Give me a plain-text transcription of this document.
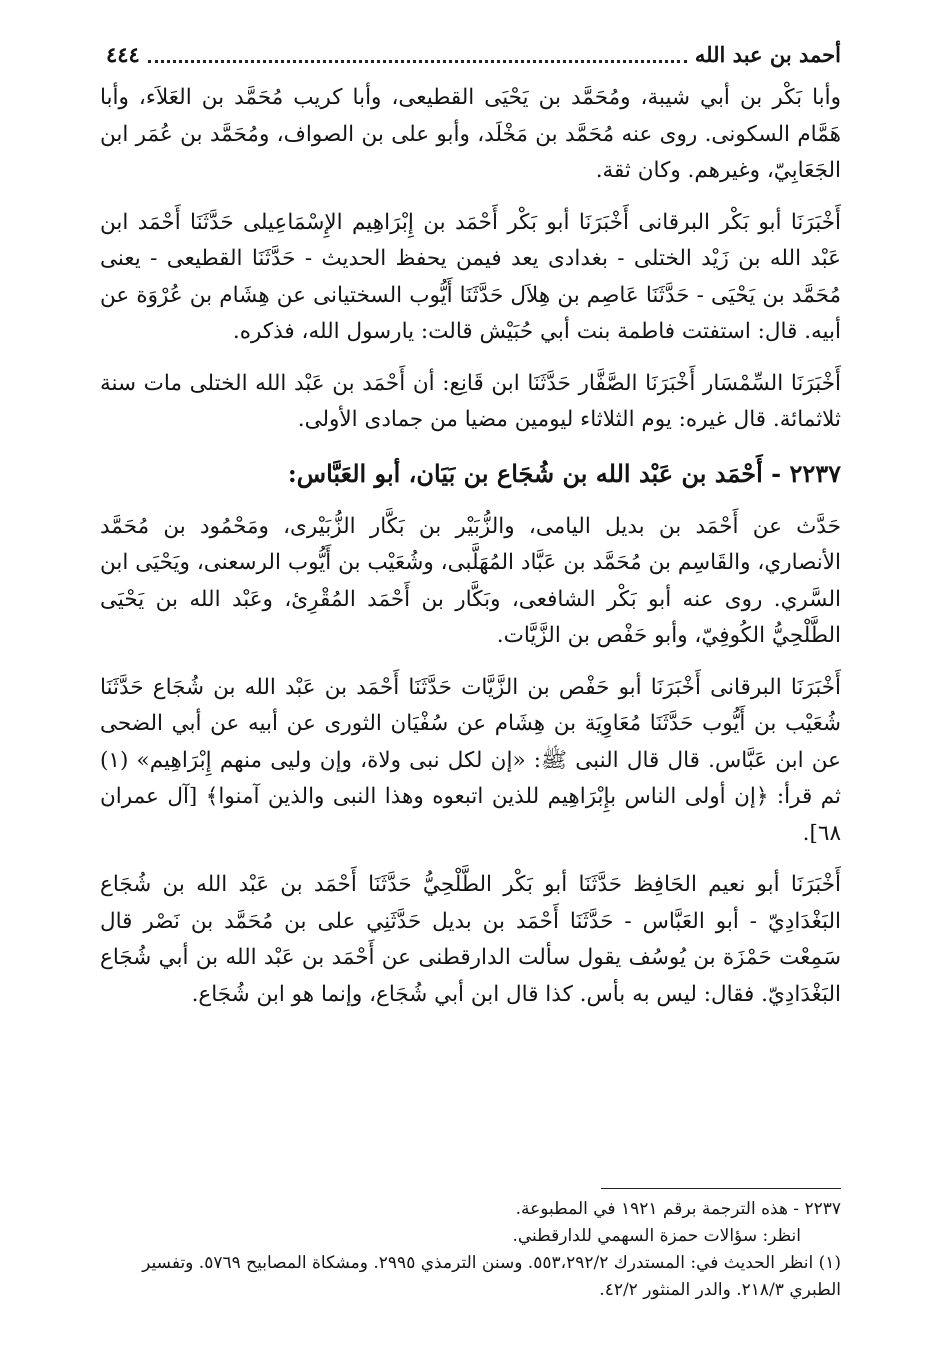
٤٤٤	أحمد بن عبد الله

وأبا بَكْر بن أبي شيبة، ومُحَمَّد بن يَحْيَى القطيعى، وأبا كريب مُحَمَّد بن العَلاَء، وأبا هَمَّام السكونى. روى عنه مُحَمَّد بن مَخْلَد، وأبو على بن الصواف، ومُحَمَّد بن عُمَر ابن الجَعَابِيّ، وغيرهم. وكان ثقة.

أَخْبَرَنَا أبو بَكْر البرقانى أَخْبَرَنَا أبو بَكْر أَحْمَد بن إِبْرَاهِيم الإِسْمَاعِيلى حَدَّثَنَا أَحْمَد ابن عَبْد الله بن زَيْد الختلى - بغدادى يعد فيمن يحفظ الحديث - حَدَّثَنَا القطيعى - يعنى مُحَمَّد بن يَحْيَى - حَدَّثَنَا عَاصِم بن هِلاَل حَدَّثَنَا أَيُّوب السختيانى عن هِشَام بن عُرْوَة عن أبيه. قال: استفتت فاطمة بنت أبي حُبَيْش قالت: يارسول الله، فذكره.

أَخْبَرَنَا السِّمْسَار أَخْبَرَنَا الصَّفَّار حَدَّثَنَا ابن قَانِع: أن أَحْمَد بن عَبْد الله الختلى مات سنة ثلاثمائة. قال غيره: يوم الثلاثاء ليومين مضيا من جمادى الأولى.

٢٢٣٧ - أَحْمَد بن عَبْد الله بن شُجَاع بن بَيَان، أبو العَبَّاس:

حَدَّث عن أَحْمَد بن بديل اليامى، والزُّبَيْر بن بَكَّار الزُّبَيْرى، ومَحْمُود بن مُحَمَّد الأنصاري، والقَاسِم بن مُحَمَّد بن عَبَّاد المُهَلَّبى، وشُعَيْب بن أَيُّوب الرسعنى، ويَحْيَى ابن السَّري. روى عنه أبو بَكْر الشافعى، وبَكَّار بن أَحْمَد المُقْرِئ، وعَبْد الله بن يَحْيَى الطَّلْحِيُّ الكُوفِيّ، وأبو حَفْص بن الزَّيَّات.

أَخْبَرَنَا البرقانى أَخْبَرَنَا أبو حَفْص بن الزَّيَّات حَدَّثَنَا أَحْمَد بن عَبْد الله بن شُجَاع حَدَّثَنَا شُعَيْب بن أَيُّوب حَدَّثَنَا مُعَاوِيَة بن هِشَام عن سُفْيَان الثورى عن أبيه عن أبي الضحى عن ابن عَبَّاس. قال قال النبى ﷺ: «إن لكل نبى ولاة، وإن وليى منهم إِبْرَاهِيم» (١) ثم قرأ: ﴿إن أولى الناس بإِبْرَاهِيم للذين اتبعوه وهذا النبى والذين آمنوا﴾ [آل عمران ٦٨].

أَخْبَرَنَا أبو نعيم الحَافِظ حَدَّثَنَا أبو بَكْر الطَّلْحِيُّ حَدَّثَنَا أَحْمَد بن عَبْد الله بن شُجَاع البَغْدَادِيّ - أبو العَبَّاس - حَدَّثَنَا أَحْمَد بن بديل حَدَّثَنِي على بن مُحَمَّد بن نَصْر قال سَمِعْت حَمْزَة بن يُوسُف يقول سألت الدارقطنى عن أَحْمَد بن عَبْد الله بن أبي شُجَاع البَغْدَادِيّ. فقال: ليس به بأس. كذا قال ابن أبي شُجَاع، وإنما هو ابن شُجَاع.

٢٢٣٧ - هذه الترجمة برقم ١٩٢١ في المطبوعة.

انظر: سؤالات حمزة السهمي للدارقطني.

(١) انظر الحديث في: المستدرك ٥٥٣،٢٩٢/٢. وسنن الترمذي ٢٩٩٥. ومشكاة المصابيح ٥٧٦٩. وتفسير الطبري ٢١٨/٣. والدر المنثور ٤٢/٢.
